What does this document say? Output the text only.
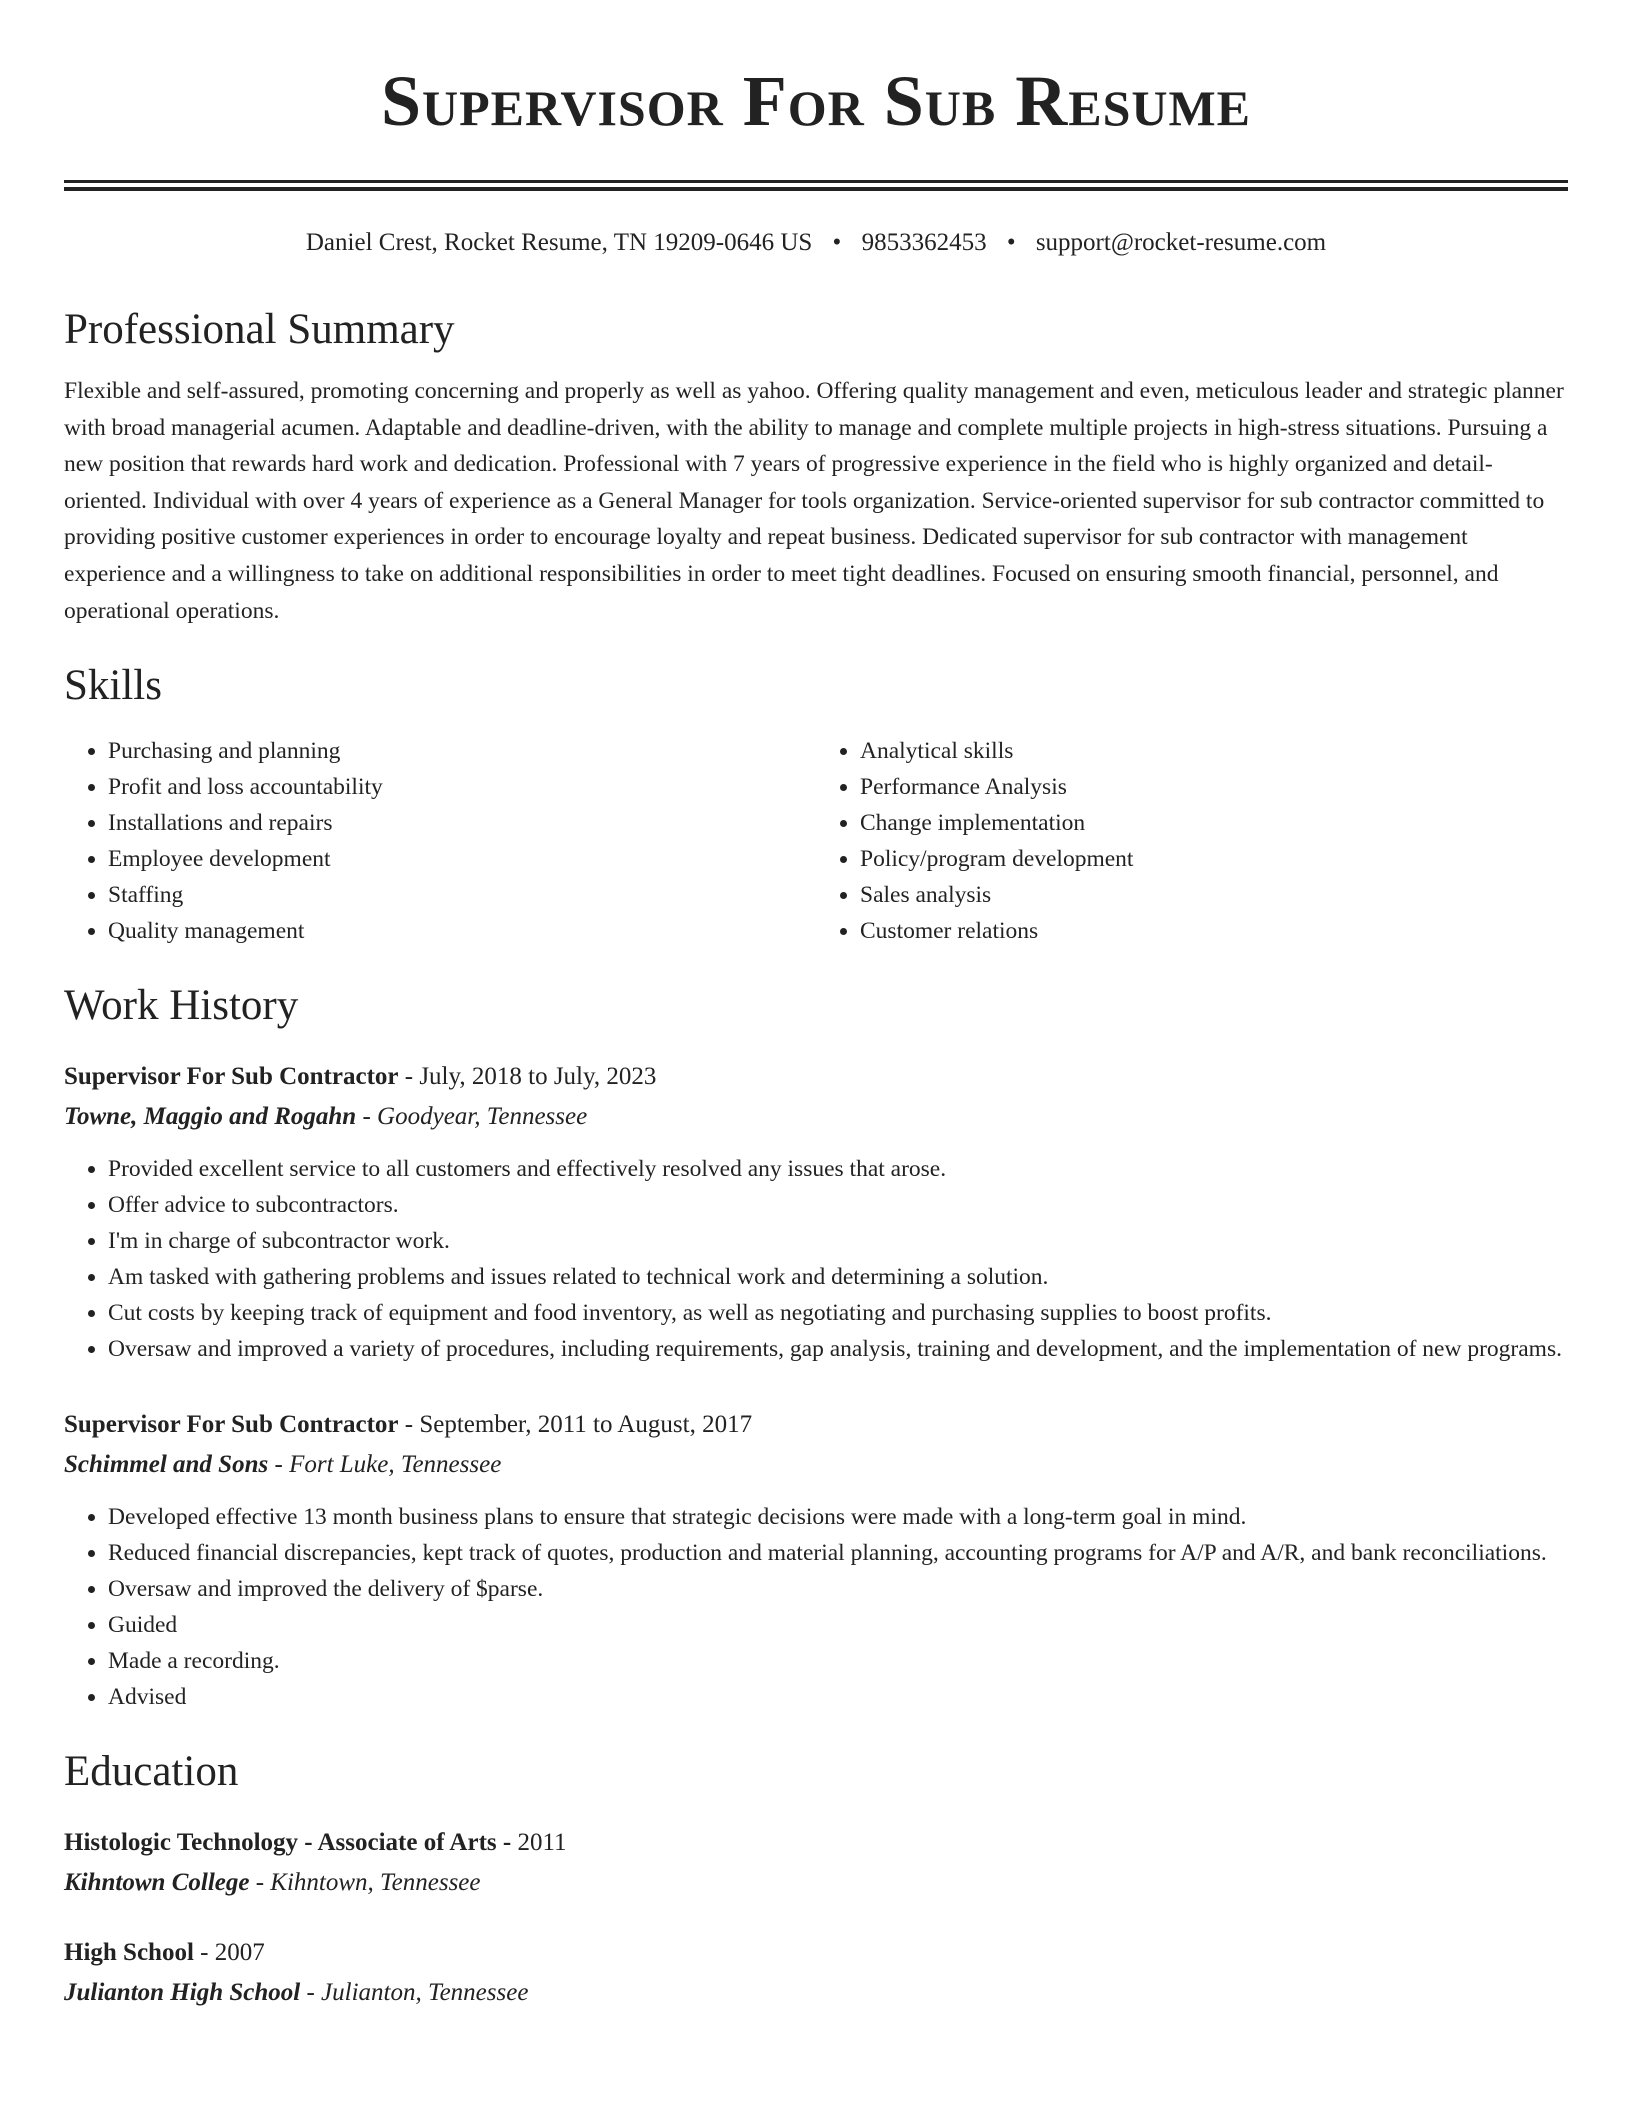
Supervisor For Sub Resume
Daniel Crest, Rocket Resume, TN 19209-0646 US • 9853362453 • support@rocket-resume.com
Professional Summary
Flexible and self-assured, promoting concerning and properly as well as yahoo. Offering quality management and even, meticulous leader and strategic planner with broad managerial acumen. Adaptable and deadline-driven, with the ability to manage and complete multiple projects in high-stress situations. Pursuing a new position that rewards hard work and dedication. Professional with 7 years of progressive experience in the field who is highly organized and detail-oriented. Individual with over 4 years of experience as a General Manager for tools organization. Service-oriented supervisor for sub contractor committed to providing positive customer experiences in order to encourage loyalty and repeat business. Dedicated supervisor for sub contractor with management experience and a willingness to take on additional responsibilities in order to meet tight deadlines. Focused on ensuring smooth financial, personnel, and operational operations.
Skills
• Purchasing and planning
• Profit and loss accountability
• Installations and repairs
• Employee development
• Staffing
• Quality management
• Analytical skills
• Performance Analysis
• Change implementation
• Policy/program development
• Sales analysis
• Customer relations
Work History
Supervisor For Sub Contractor - July, 2018 to July, 2023
Towne, Maggio and Rogahn - Goodyear, Tennessee
• Provided excellent service to all customers and effectively resolved any issues that arose.
• Offer advice to subcontractors.
• I'm in charge of subcontractor work.
• Am tasked with gathering problems and issues related to technical work and determining a solution.
• Cut costs by keeping track of equipment and food inventory, as well as negotiating and purchasing supplies to boost profits.
• Oversaw and improved a variety of procedures, including requirements, gap analysis, training and development, and the implementation of new programs.
Supervisor For Sub Contractor - September, 2011 to August, 2017
Schimmel and Sons - Fort Luke, Tennessee
• Developed effective 13 month business plans to ensure that strategic decisions were made with a long-term goal in mind.
• Reduced financial discrepancies, kept track of quotes, production and material planning, accounting programs for A/P and A/R, and bank reconciliations.
• Oversaw and improved the delivery of $parse.
• Guided
• Made a recording.
• Advised
Education
Histologic Technology - Associate of Arts - 2011
Kihntown College - Kihntown, Tennessee
High School - 2007
Julianton High School - Julianton, Tennessee
